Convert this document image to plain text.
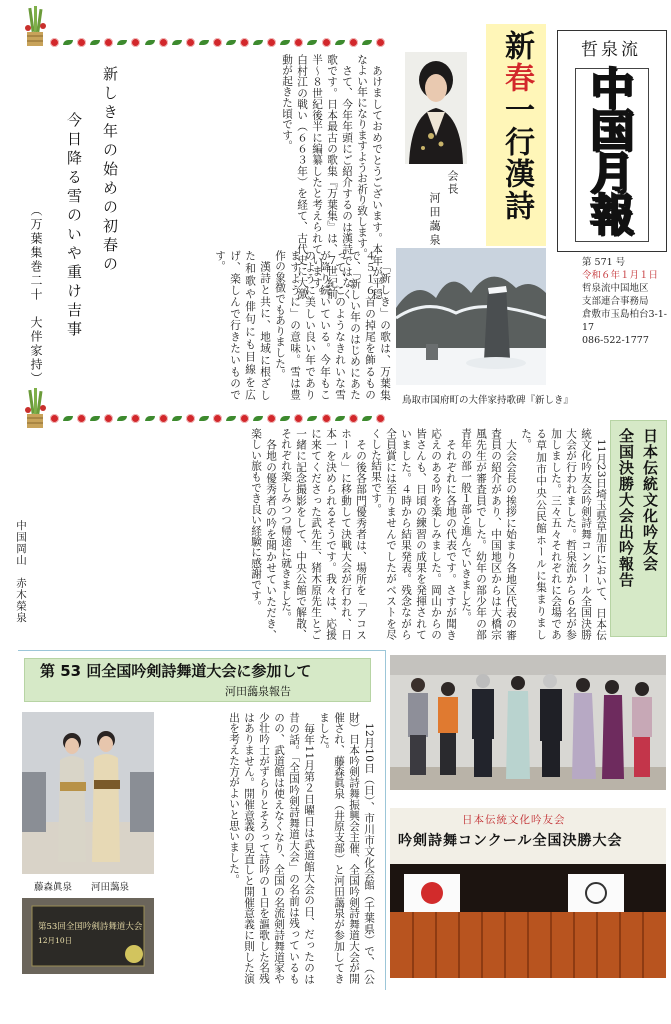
哲泉流
中
国
月
報
第 571 号
令和６年１月１日
哲泉流中国地区
支部連合事務局
倉敷市玉島柏台3-1-17
086-522-1777
新春一行漢詩
会長
河田藹泉
鳥取市国府町の大伴家持歌碑『新しき』

あけましておめでとうございます。本年が平穏なよい年になりますようお祈り致します。

さて、今年年頭にご紹介するのは漢詩ではなく歌です。日本最古の歌集『万葉集』は、７世紀前半〜８世紀後半に編纂したと考えられています。白村江の戦い（６６３年）を経て、古代史に大激動が起きた頃です。

新しき年の始めの初春の
今日降る雪のいや重け吉事
（万葉集巻二十　大伴家持）	「新しき」の歌は、万葉集４５１６首の掉尾を飾るもので、「新しい年のはじめにあたって、このようなきれいな雪が降り続いている。今年もこのように美しい良い年でありますように」の意味。雪は豊作の象徴でもありました。

漢詩と共に、地域に根ざした和歌や俳句にも目線を広げ、楽しんで行きたいものです。

日本伝統文化吟友会
全国決勝大会出吟報告

11月23日埼玉県草加市において、日本伝統文化吟友会吟剣詩舞コンクール全国決勝大会が行われました。哲泉流から６名が参加しました。三々五々それぞれに会場である草加市中央公民館ホールに集まりました。

大会会長の挨拶に始まり各地区代表の審査員の紹介があり、中国地区からは大橋宗風先生が審査員でした。幼年の部少年の部青年の部一般１部と進んでいきました。

それぞれに各地の代表です。さすが聞き応えのある吟を楽しみました。岡山からの皆さんも、日頃の練習の成果を発揮されていました。４時から結果発表。残念ながら全員賞には至りませんでしたがベストを尽くした結果です。

その後各部門優秀者は、場所を「アコスホール」に移動して決戦大会が行われ、日本一を決められるそうです。我々は、応援に来てくださった武先生、猪木原先生とご一緒に記念撮影をして、中央公館で解散、それぞれ楽しみつつ帰途に就きました。

各地の優秀者の吟を聞かせていただき、楽しい旅もでき良い経験に感謝です。

中国岡山　赤木榮泉
第 53 回全国吟剣詩舞道大会に参加して
河田藹泉報告

12月10日（日）、市川市文化会館（千葉県）で、（公財）日本吟剣詩舞振興会主催、全国吟剣詩舞道大会が開催され、藤森眞泉（井原支部）と河田藹泉が参加してきました。

毎年11月第２日曜日は武道館大会の日、だったのは昔の話。「全国吟剣詩舞道大会」の名前は残っているものの、武道館は使えなくなり、全国の名流剣詩舞道家や少壮吟士がずらりとそろって詩吟の１日を謳歌した名残はありません。開催意義の見直しと開催意義に則した演出を考えた方がよいと思いました。

藤森眞泉　　河田藹泉
第53回全国吟剣詩舞道大会
12月10日
日本伝統文化吟友会
吟剣詩舞コンクール全国決勝大会
